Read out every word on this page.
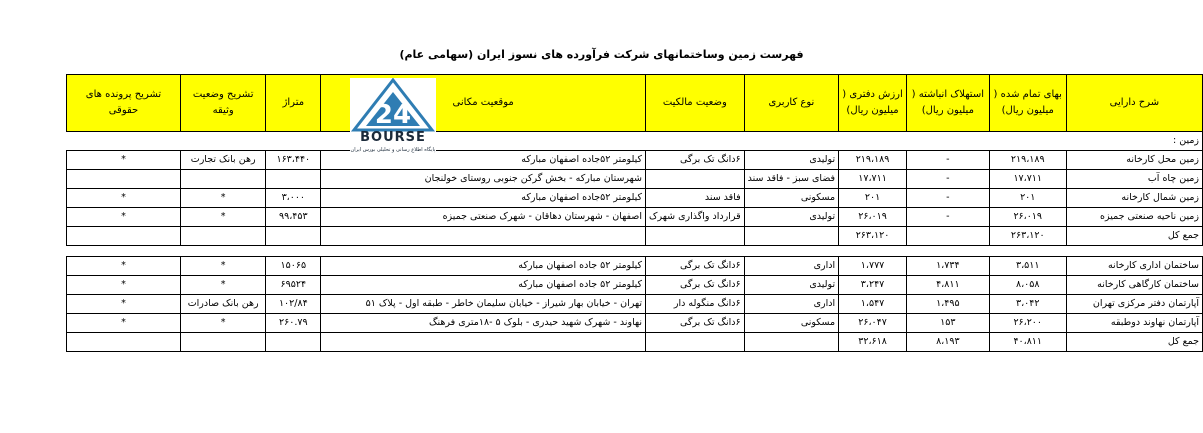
فهرست زمین وساختمانهای شرکت فرآورده های نسوز ایران (سهامی عام)
شرح دارایی	بهای تمام شده ( میلیون ریال)	استهلاک انباشته ( میلیون ریال)	ارزش دفتری ( میلیون ریال)	نوع کاربری	وضعیت مالکیت	موقعیت مکانی	متراژ	تشریح وضعیت وثیقه	تشریح پرونده های حقوقی
زمین :									
زمین محل کارخانه	۲۱۹،۱۸۹	-	۲۱۹،۱۸۹	تولیدی	۶دانگ تک برگی	کیلومتر ۵۲جاده اصفهان مبارکه	۱۶۳،۴۴۰	رهن بانک تجارت	*
زمین چاه آب	۱۷،۷۱۱	-	۱۷،۷۱۱	فضای سبز - فاقد سند		شهرستان مبارکه - بخش گرکن جنوبی روستای خولنجان			
زمین شمال کارخانه	۲۰۱	-	۲۰۱	مسکونی	فاقد سند	کیلومتر ۵۲جاده اصفهان مبارکه	۳،۰۰۰	*	*
زمین ناحیه صنعتی جمیزه	۲۶،۰۱۹	-	۲۶،۰۱۹	تولیدی	قرارداد واگذاری شهرک	اصفهان - شهرستان دهاقان - شهرک صنعتی جمیزه	۹۹،۴۵۳	*	*
جمع کل	۲۶۳،۱۲۰		۲۶۳،۱۲۰						

ساختمان اداری کارخانه	۳،۵۱۱	۱،۷۳۴	۱،۷۷۷	اداری	۶دانگ تک برگی	کیلومتر ۵۲ جاده اصفهان مبارکه	۱۵۰۶۵	*	*
ساختمان کارگاهی کارخانه	۸،۰۵۸	۴،۸۱۱	۳،۲۴۷	تولیدی	۶دانگ تک برگی	کیلومتر ۵۲ جاده اصفهان مبارکه	۶۹۵۲۴	*	*
آپارتمان دفتر مرکزی تهران	۳،۰۴۲	۱،۴۹۵	۱،۵۴۷	اداری	۶دانگ منگوله دار	تهران - خیابان بهار شیراز - خیابان سلیمان خاطر - طبقه اول - پلاک ۵۱	۱۰۲/۸۴	رهن بانک صادرات	*
آپارتمان نهاوند دوطبقه	۲۶،۲۰۰	۱۵۳	۲۶،۰۴۷	مسکونی	۶دانگ تک برگی	نهاوند - شهرک شهید حیدری - بلوک ۵ -۱۸متری فرهنگ	۲۶۰.۷۹	*	*
جمع کل	۴۰،۸۱۱	۸،۱۹۳	۳۲،۶۱۸						
24
BOURSE
پایگاه اطلاع رسانی و تحلیلی بورس ایران
